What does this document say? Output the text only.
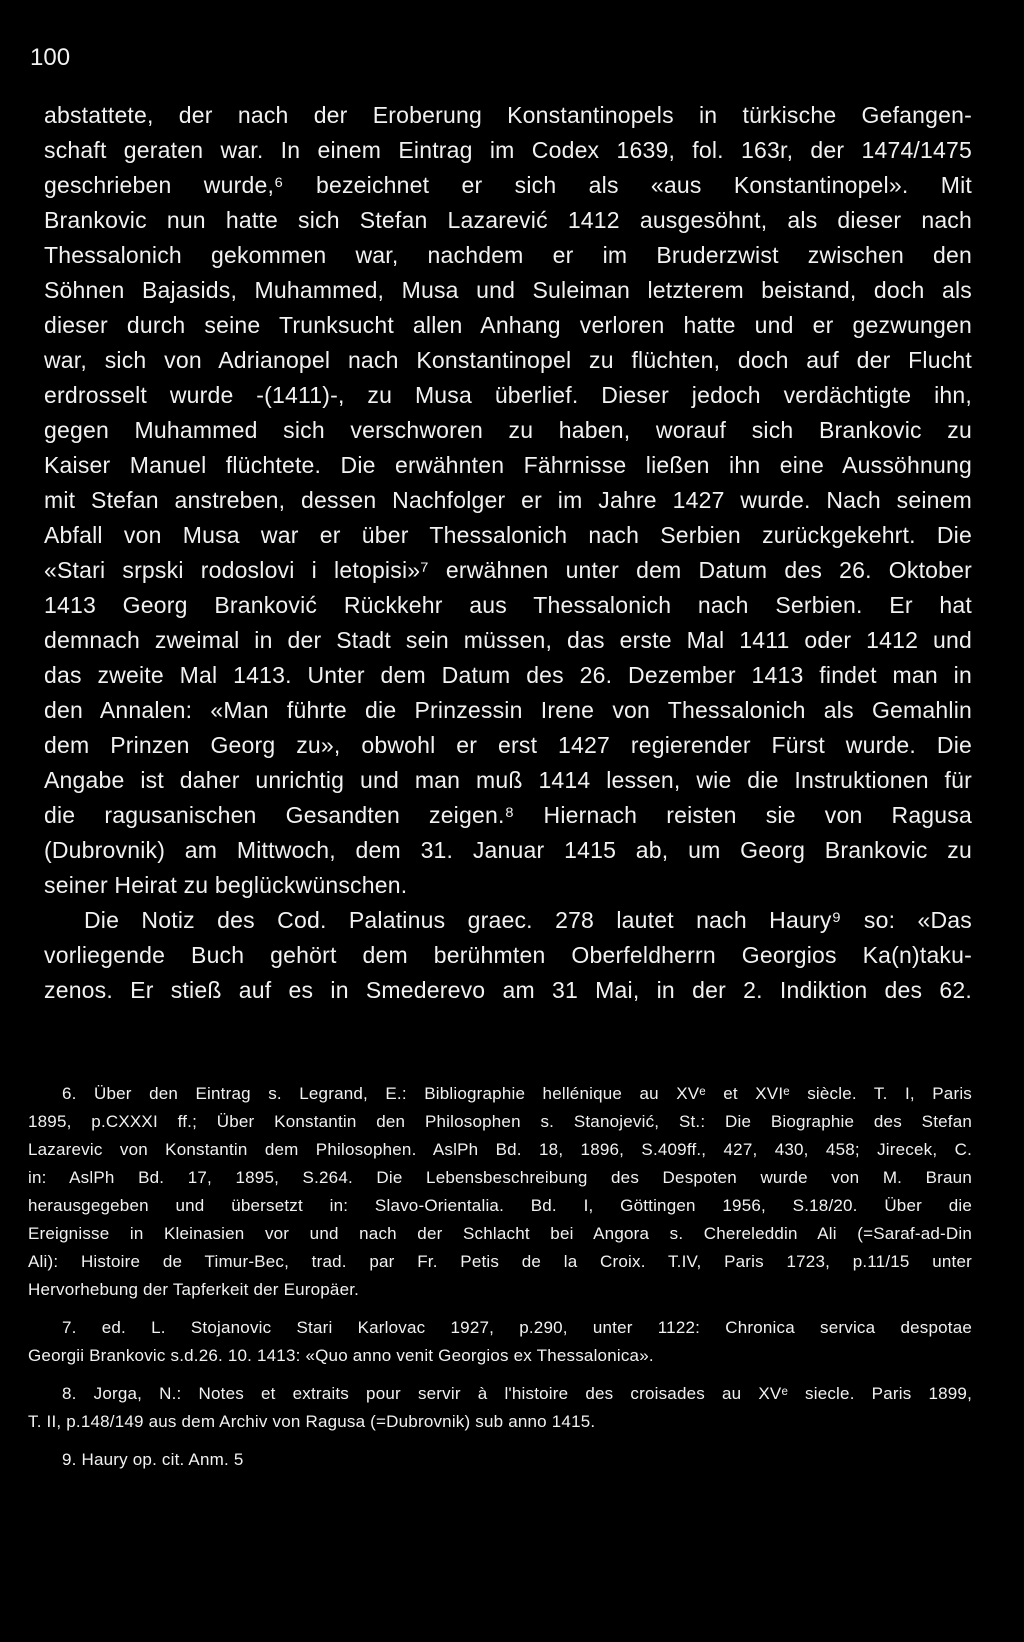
100
abstattete, der nach der Eroberung Konstantinopels in türkische Gefangen-
schaft geraten war. In einem Eintrag im Codex 1639, fol. 163r, der 1474/1475
geschrieben wurde,⁶ bezeichnet er sich als «aus Konstantinopel». Mit
Brankovic nun hatte sich Stefan Lazarević 1412 ausgesöhnt, als dieser nach
Thessalonich gekommen war, nachdem er im Bruderzwist zwischen den
Söhnen Bajasids, Muhammed, Musa und Suleiman letzterem beistand, doch als
dieser durch seine Trunksucht allen Anhang verloren hatte und er gezwungen
war, sich von Adrianopel nach Konstantinopel zu flüchten, doch auf der Flucht
erdrosselt wurde -(1411)-, zu Musa überlief. Dieser jedoch verdächtigte ihn,
gegen Muhammed sich verschworen zu haben, worauf sich Brankovic zu
Kaiser Manuel flüchtete. Die erwähnten Fährnisse ließen ihn eine Aussöhnung
mit Stefan anstreben, dessen Nachfolger er im Jahre 1427 wurde. Nach seinem
Abfall von Musa war er über Thessalonich nach Serbien zurückgekehrt. Die
«Stari srpski rodoslovi i letopisi»⁷ erwähnen unter dem Datum des 26. Oktober
1413 Georg Branković Rückkehr aus Thessalonich nach Serbien. Er hat
demnach zweimal in der Stadt sein müssen, das erste Mal 1411 oder 1412 und
das zweite Mal 1413. Unter dem Datum des 26. Dezember 1413 findet man in
den Annalen: «Man führte die Prinzessin Irene von Thessalonich als Gemahlin
dem Prinzen Georg zu», obwohl er erst 1427 regierender Fürst wurde. Die
Angabe ist daher unrichtig und man muß 1414 lessen, wie die Instruktionen für
die ragusanischen Gesandten zeigen.⁸ Hiernach reisten sie von Ragusa
(Dubrovnik) am Mittwoch, dem 31. Januar 1415 ab, um Georg Brankovic zu
seiner Heirat zu beglückwünschen.
Die Notiz des Cod. Palatinus graec. 278 lautet nach Haury⁹ so: «Das
vorliegende Buch gehört dem berühmten Oberfeldherrn Georgios Ka(n)taku-
zenos. Er stieß auf es in Smederevo am 31 Mai, in der 2. Indiktion des 62.
6. Über den Eintrag s. Legrand, E.: Bibliographie hellénique au XVᵉ et XVIᵉ siècle. T. I, Paris
1895, p.CXXXI ff.; Über Konstantin den Philosophen s. Stanojević, St.: Die Biographie des Stefan
Lazarevic von Konstantin dem Philosophen. AslPh Bd. 18, 1896, S.409ff., 427, 430, 458; Jirecek, C.
in: AslPh Bd. 17, 1895, S.264. Die Lebensbeschreibung des Despoten wurde von M. Braun
herausgegeben und übersetzt in: Slavo-Orientalia. Bd. I, Göttingen 1956, S.18/20. Über die
Ereignisse in Kleinasien vor und nach der Schlacht bei Angora s. Chereleddin Ali (=Saraf-ad-Din
Ali): Histoire de Timur-Bec, trad. par Fr. Petis de la Croix. T.IV, Paris 1723, p.11/15 unter
Hervorhebung der Tapferkeit der Europäer.
7. ed. L. Stojanovic Stari Karlovac 1927, p.290, unter 1122: Chronica servica despotae
Georgii Brankovic s.d.26. 10. 1413: «Quo anno venit Georgios ex Thessalonica».
8. Jorga, N.: Notes et extraits pour servir à l'histoire des croisades au XVᵉ siecle. Paris 1899,
T. II, p.148/149 aus dem Archiv von Ragusa (=Dubrovnik) sub anno 1415.
9. Haury op. cit. Anm. 5
